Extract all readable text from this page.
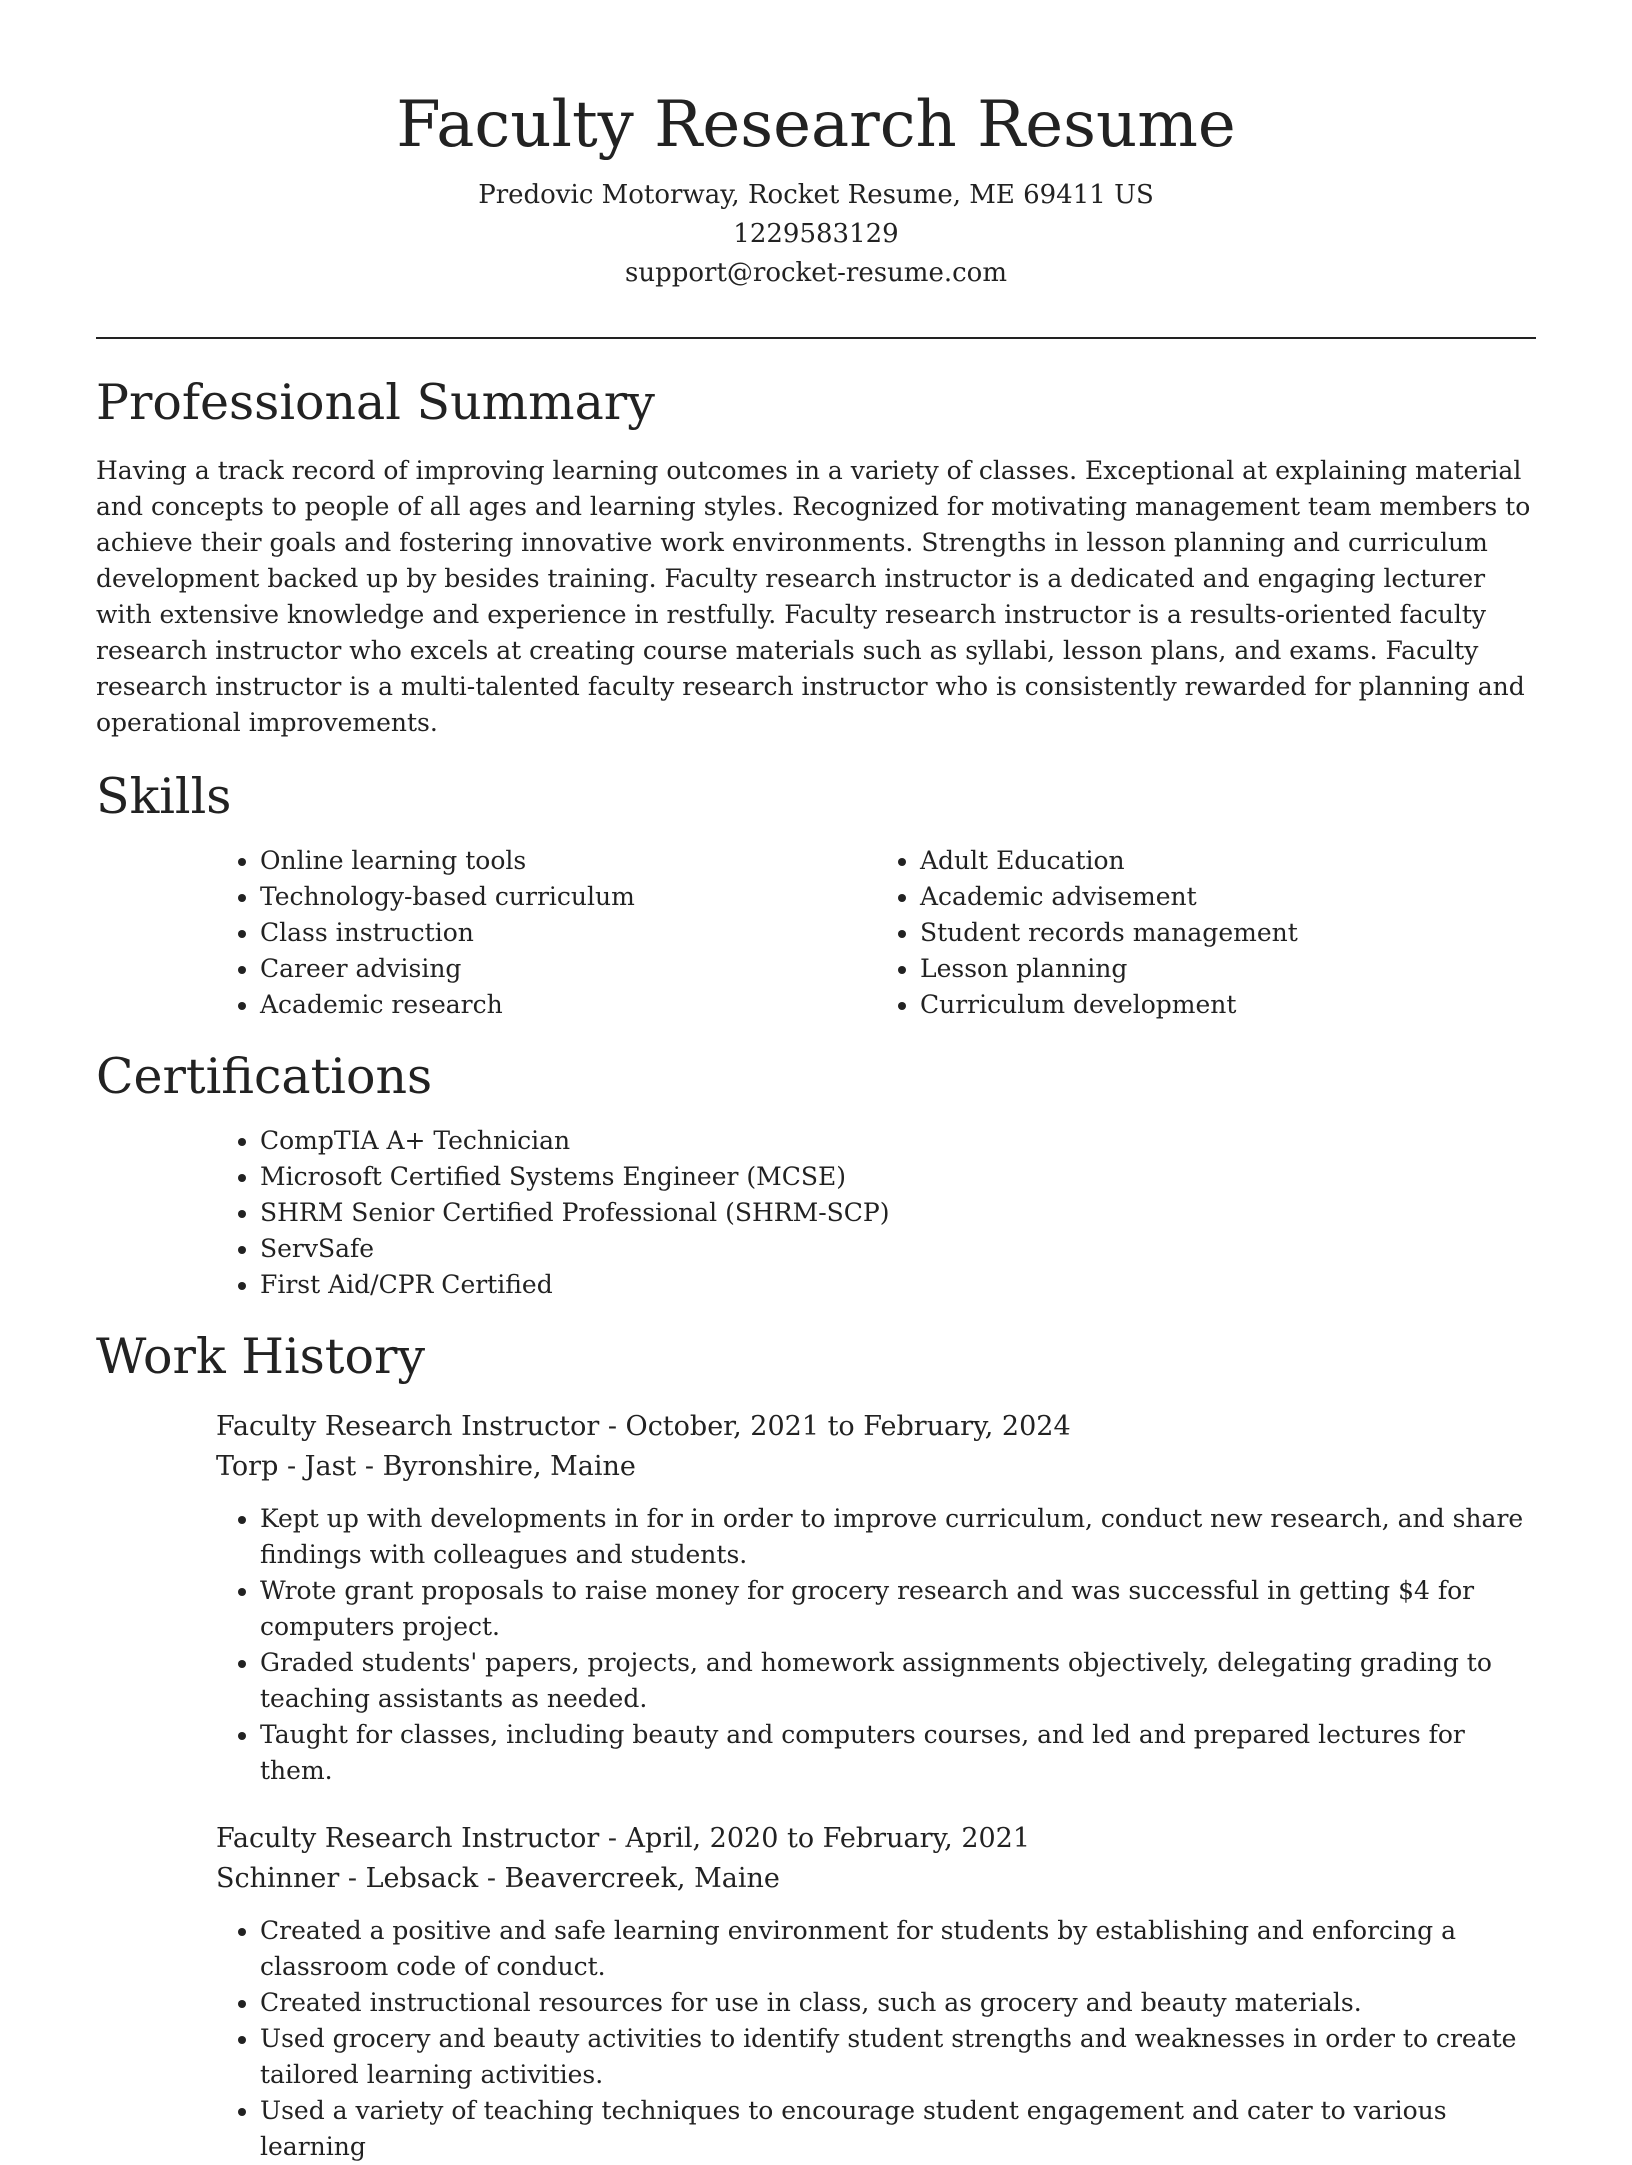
Faculty Research Resume
Predovic Motorway, Rocket Resume, ME 69411 US
1229583129
support@rocket-resume.com
Professional Summary

Having a track record of improving learning outcomes in a variety of classes. Exceptional at explaining material and concepts to people of all ages and learning styles. Recognized for motivating management team members to achieve their goals and fostering innovative work environments. Strengths in lesson planning and curriculum development backed up by besides training. Faculty research instructor is a dedicated and engaging lecturer with extensive knowledge and experience in restfully. Faculty research instructor is a results-oriented faculty research instructor who excels at creating course materials such as syllabi, lesson plans, and exams. Faculty research instructor is a multi-talented faculty research instructor who is consistently rewarded for planning and operational improvements.

Skills
• Online learning tools
• Technology-based curriculum
• Class instruction
• Career advising
• Academic research
• Adult Education
• Academic advisement
• Student records management
• Lesson planning
• Curriculum development
Certifications
• CompTIA A+ Technician
• Microsoft Certified Systems Engineer (MCSE)
• SHRM Senior Certified Professional (SHRM-SCP)
• ServSafe
• First Aid/CPR Certified
Work History
Faculty Research Instructor - October, 2021 to February, 2024
Torp - Jast - Byronshire, Maine
• Kept up with developments in for in order to improve curriculum, conduct new research, and share findings with colleagues and students.
• Wrote grant proposals to raise money for grocery research and was successful in getting $4 for computers project.
• Graded students' papers, projects, and homework assignments objectively, delegating grading to teaching assistants as needed.
• Taught for classes, including beauty and computers courses, and led and prepared lectures for them.
Faculty Research Instructor - April, 2020 to February, 2021
Schinner - Lebsack - Beavercreek, Maine
• Created a positive and safe learning environment for students by establishing and enforcing a classroom code of conduct.
• Created instructional resources for use in class, such as grocery and beauty materials.
• Used grocery and beauty activities to identify student strengths and weaknesses in order to create tailored learning activities.
• Used a variety of teaching techniques to encourage student engagement and cater to various learning
